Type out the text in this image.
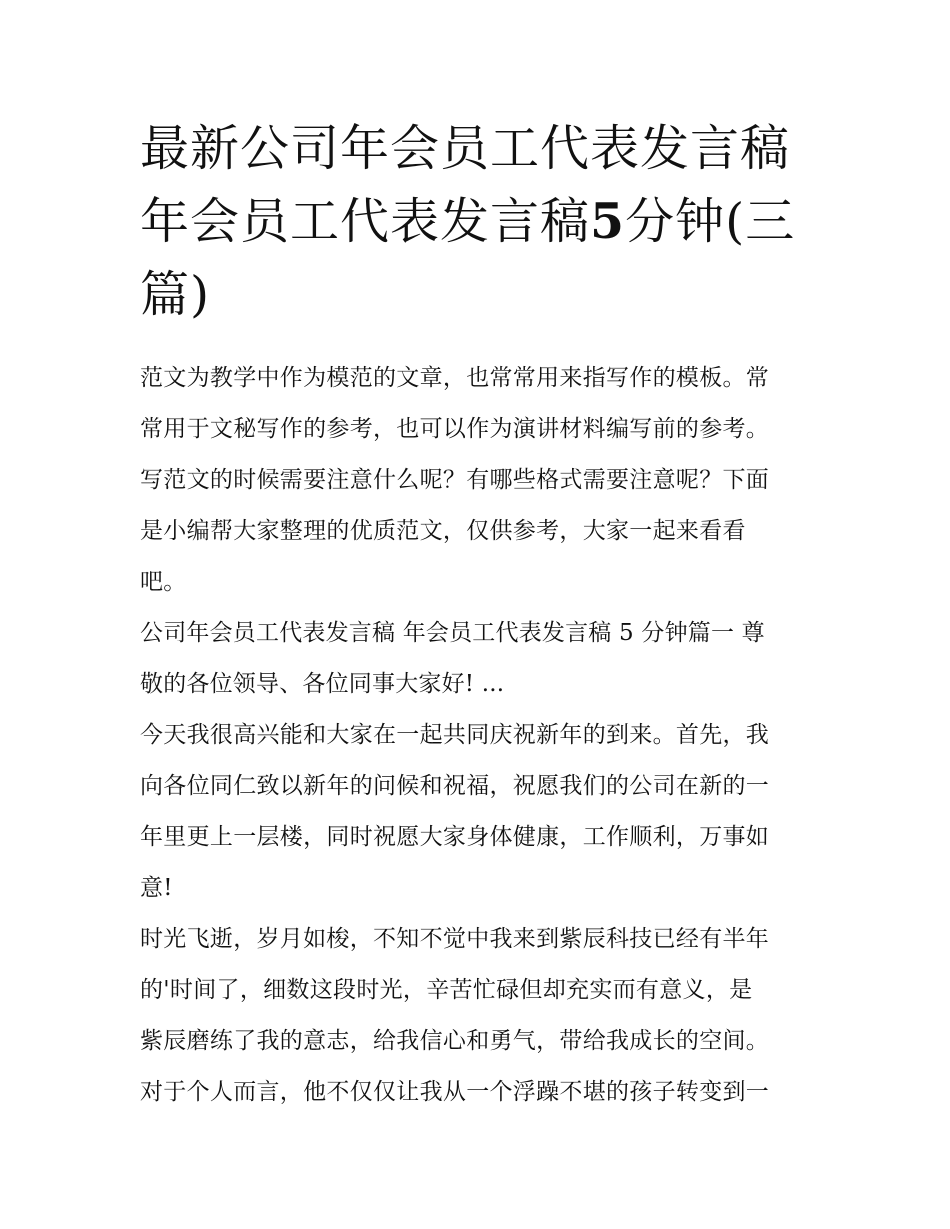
最新公司年会员工代表发言稿年会员工代表发言稿5分钟(三篇)
范文为教学中作为模范的文章，也常常用来指写作的模板。常
常用于文秘写作的参考，也可以作为演讲材料编写前的参考。
写范文的时候需要注意什么呢？有哪些格式需要注意呢？下面
是小编帮大家整理的优质范文，仅供参考，大家一起来看看
吧。
公司年会员工代表发言稿 年会员工代表发言稿 5 分钟篇一 尊
敬的各位领导、各位同事大家好! ...
今天我很高兴能和大家在一起共同庆祝新年的到来。首先，我
向各位同仁致以新年的问候和祝福，祝愿我们的公司在新的一
年里更上一层楼，同时祝愿大家身体健康，工作顺利，万事如
意!
时光飞逝，岁月如梭，不知不觉中我来到紫辰科技已经有半年
的'时间了，细数这段时光，辛苦忙碌但却充实而有意义，是
紫辰磨练了我的意志，给我信心和勇气，带给我成长的空间。
对于个人而言，他不仅仅让我从一个浮躁不堪的孩子转变到一
